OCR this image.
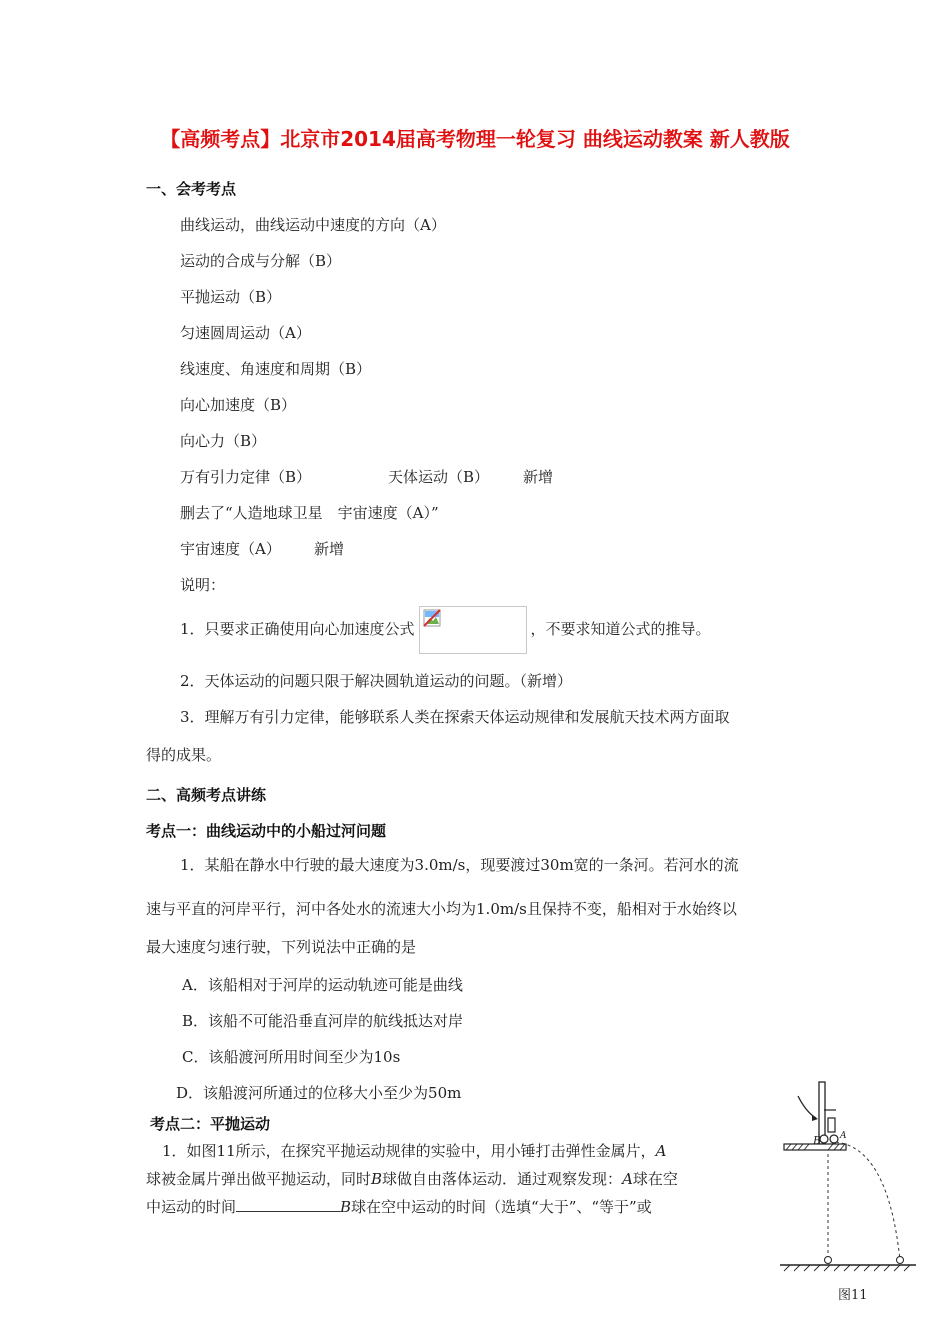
【高频考点】北京市2014届高考物理一轮复习 曲线运动教案 新人教版
一、会考考点
曲线运动，曲线运动中速度的方向（A）
运动的合成与分解（B）
平抛运动（B）
匀速圆周运动（A）
线速度、角速度和周期（B）
向心加速度（B）
向心力（B）
万有引力定律（B）	天体运动（B） 新增
删去了“人造地球卫星　宇宙速度（A）”
宇宙速度（A） 新增
说明：
1．只要求正确使用向心加速度公式	，不要求知道公式的推导。
2．天体运动的问题只限于解决圆轨道运动的问题。（新增）
3．理解万有引力定律，能够联系人类在探索天体运动规律和发展航天技术两方面取
得的成果。
二、高频考点讲练
考点一：曲线运动中的小船过河问题
1．某船在静水中行驶的最大速度为3.0m/s，现要渡过30m宽的一条河。若河水的流
速与平直的河岸平行，河中各处水的流速大小均为1.0m/s且保持不变，船相对于水始终以
最大速度匀速行驶，下列说法中正确的是
A．该船相对于河岸的运动轨迹可能是曲线
B．该船不可能沿垂直河岸的航线抵达对岸
C．该船渡河所用时间至少为10s
D．该船渡河所通过的位移大小至少为50m
考点二：平抛运动
1．如图11所示，在探究平抛运动规律的实验中，用小锤打击弹性金属片，A
球被金属片弹出做平抛运动，同时B球做自由落体运动．通过观察发现：A球在空
中运动的时间	B球在空中运动的时间（选填“大于”、“等于”或
B A
图11
